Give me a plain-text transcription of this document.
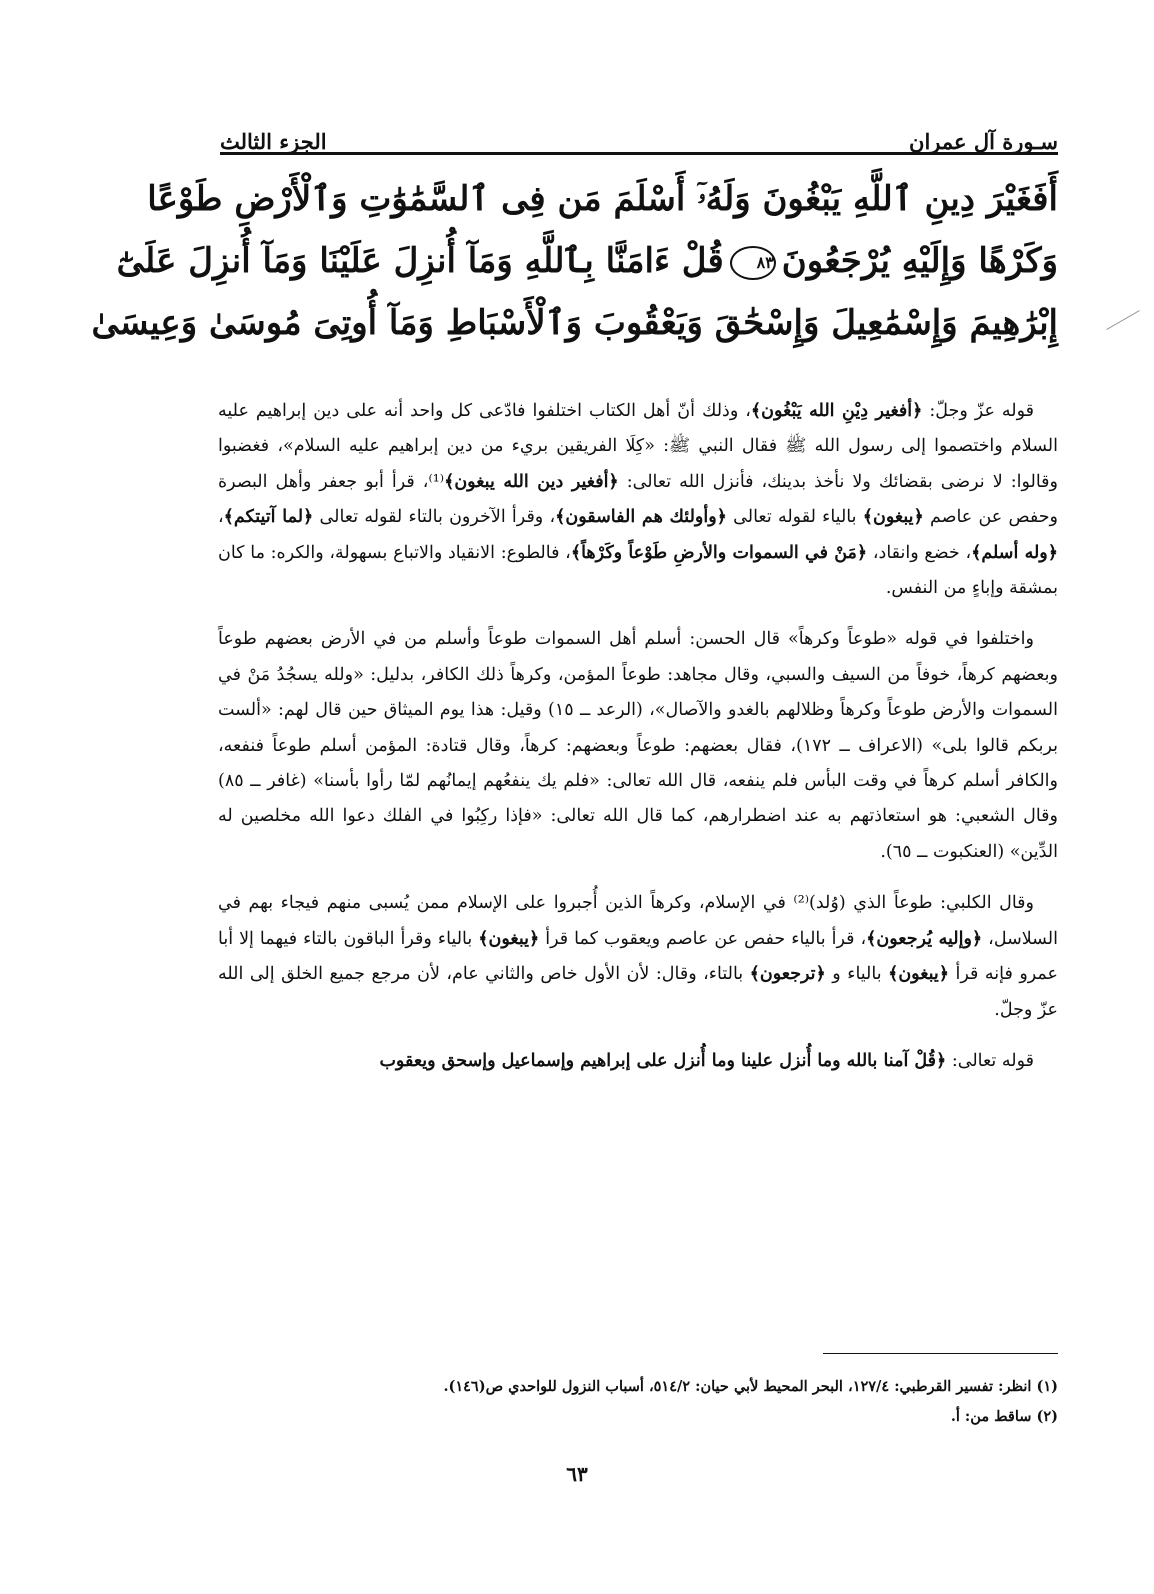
سـورة آل عمران
الجزء الثالث
أَفَغَيْرَ دِينِ ٱللَّهِ يَبْغُونَ وَلَهُۥٓ أَسْلَمَ مَن فِى ٱلسَّمَٰوَٰتِ وَٱلْأَرْضِ طَوْعًا
وَكَرْهًا وَإِلَيْهِ يُرْجَعُونَ٨٣قُلْ ءَامَنَّا بِٱللَّهِ وَمَآ أُنزِلَ عَلَيْنَا وَمَآ أُنزِلَ عَلَىٰٓ
إِبْرَٰهِيمَ وَإِسْمَٰعِيلَ وَإِسْحَٰقَ وَيَعْقُوبَ وَٱلْأَسْبَاطِ وَمَآ أُوتِىَ مُوسَىٰ وَعِيسَىٰ

قوله عزّ وجلّ: ﴿أفغير دِيْنِ الله يَبْغُون﴾، وذلك أنّ أهل الكتاب اختلفوا فادّعى كل واحد أنه على دين إبراهيم عليه السلام واختصموا إلى رسول الله ﷺ فقال النبي ﷺ: «كِلَا الفريقين بريء من دين إبراهيم عليه السلام»، فغضبوا وقالوا: لا نرضى بقضائك ولا نأخذ بدينك، فأنزل الله تعالى: ﴿أفغير دين الله يبغون﴾⁽¹⁾، قرأ أبو جعفر وأهل البصرة وحفص عن عاصم ﴿يبغون﴾ بالياء لقوله تعالى ﴿وأولئك هم الفاسقون﴾، وقرأ الآخرون بالتاء لقوله تعالى ﴿لما آتيتكم﴾، ﴿وله أسلم﴾، خضع وانقاد، ﴿مَنْ في السموات والأرضِ طَوْعاً وكَرْهاً﴾، فالطوع: الانقياد والاتباع بسهولة، والكره: ما كان بمشقة وإباءٍ من النفس.

واختلفوا في قوله «طوعاً وكرهاً» قال الحسن: أسلم أهل السموات طوعاً وأسلم من في الأرض بعضهم طوعاً وبعضهم كرهاً، خوفاً من السيف والسبي، وقال مجاهد: طوعاً المؤمن، وكرهاً ذلك الكافر، بدليل: «ولله يسجُدُ مَنْ في السموات والأرض طوعاً وكرهاً وظلالهم بالغدو والآصال»، (الرعد ــ ١٥) وقيل: هذا يوم الميثاق حين قال لهم: «ألست بربكم قالوا بلى» (الاعراف ــ ١٧٢)، فقال بعضهم: طوعاً وبعضهم: كرهاً، وقال قتادة: المؤمن أسلم طوعاً فنفعه، والكافر أسلم كرهاً في وقت البأس فلم ينفعه، قال الله تعالى: «فلم يك ينفعُهم إيمانُهم لمّا رأوا بأسنا» (غافر ــ ٨٥) وقال الشعبي: هو استعاذتهم به عند اضطرارهم، كما قال الله تعالى: «فإذا ركِبُوا في الفلك دعوا الله مخلصين له الدِّين» (العنكبوت ــ ٦٥).

وقال الكلبي: طوعاً الذي (وُلد)⁽²⁾ في الإسلام، وكرهاً الذين أُجبروا على الإسلام ممن يُسبى منهم فيجاء بهم في السلاسل، ﴿وإليه يُرجعون﴾، قرأ بالياء حفص عن عاصم ويعقوب كما قرأ ﴿يبغون﴾ بالياء وقرأ الباقون بالتاء فيهما إلا أبا عمرو فإنه قرأ ﴿يبغون﴾ بالياء و ﴿ترجعون﴾ بالتاء، وقال: لأن الأول خاص والثاني عام، لأن مرجع جميع الخلق إلى الله عزّ وجلّ.

قوله تعالى: ﴿قُلْ آمنا بالله وما أُنزل علينا وما أُنزل على إبراهيم وإسماعيل وإسحق ويعقوب

(١) انظر: تفسير القرطبي: ١٢٧/٤، البحر المحيط لأبي حيان: ٥١٤/٢، أسباب النزول للواحدي ص(١٤٦).
(٢) ساقط من: أ.
٦٣
